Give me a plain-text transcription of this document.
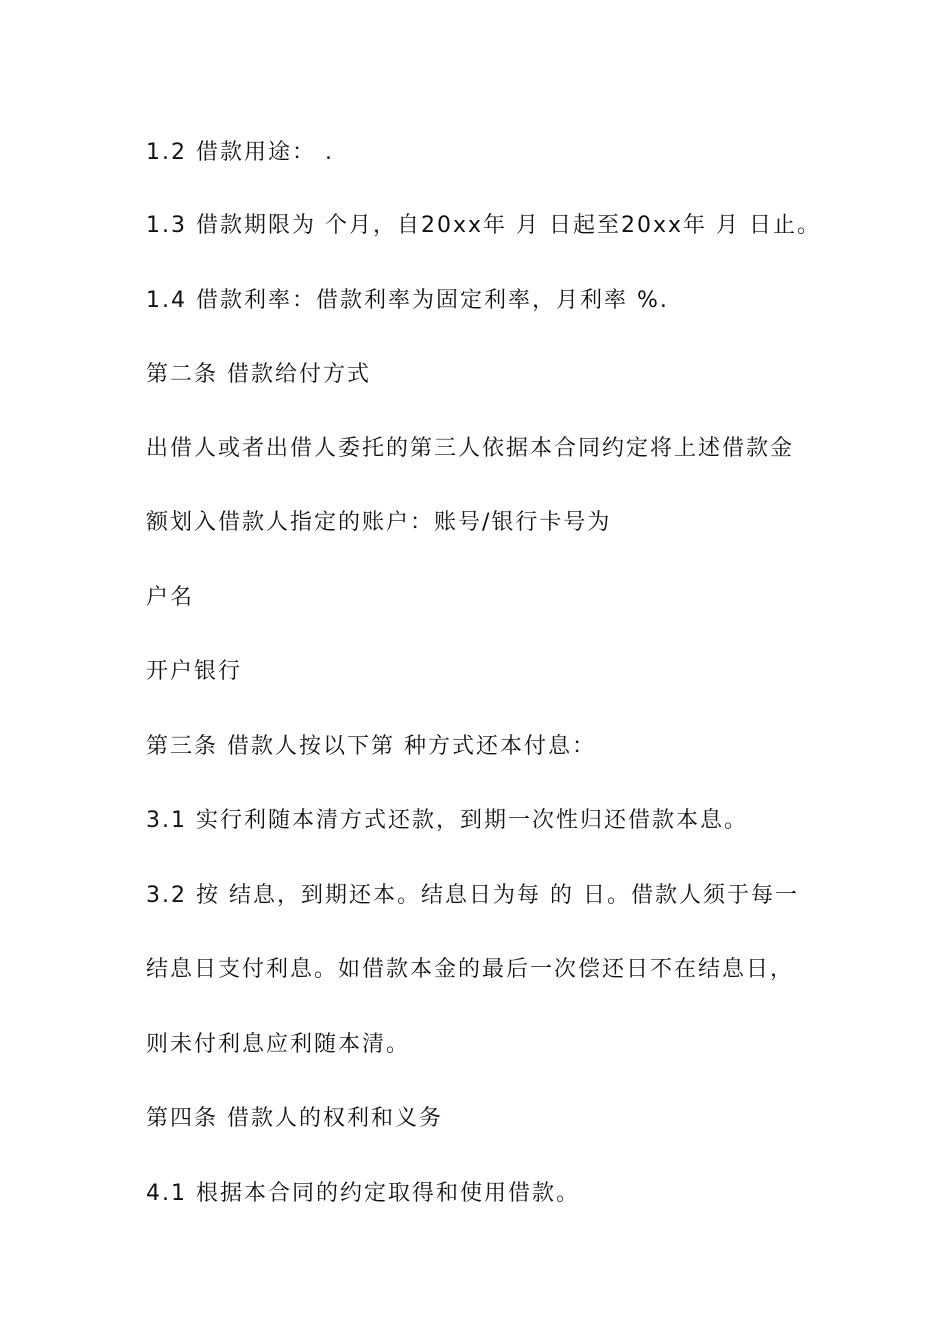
1.2 借款用途： .
1.3 借款期限为 个月，自20xx年 月 日起至20xx年 月 日止。
1.4 借款利率：借款利率为固定利率，月利率 %.
第二条 借款给付方式
出借人或者出借人委托的第三人依据本合同约定将上述借款金
额划入借款人指定的账户：账号/银行卡号为
户名
开户银行
第三条 借款人按以下第 种方式还本付息：
3.1 实行利随本清方式还款，到期一次性归还借款本息。
3.2 按 结息，到期还本。结息日为每 的 日。借款人须于每一
结息日支付利息。如借款本金的最后一次偿还日不在结息日，
则未付利息应利随本清。
第四条 借款人的权利和义务
4.1 根据本合同的约定取得和使用借款。
